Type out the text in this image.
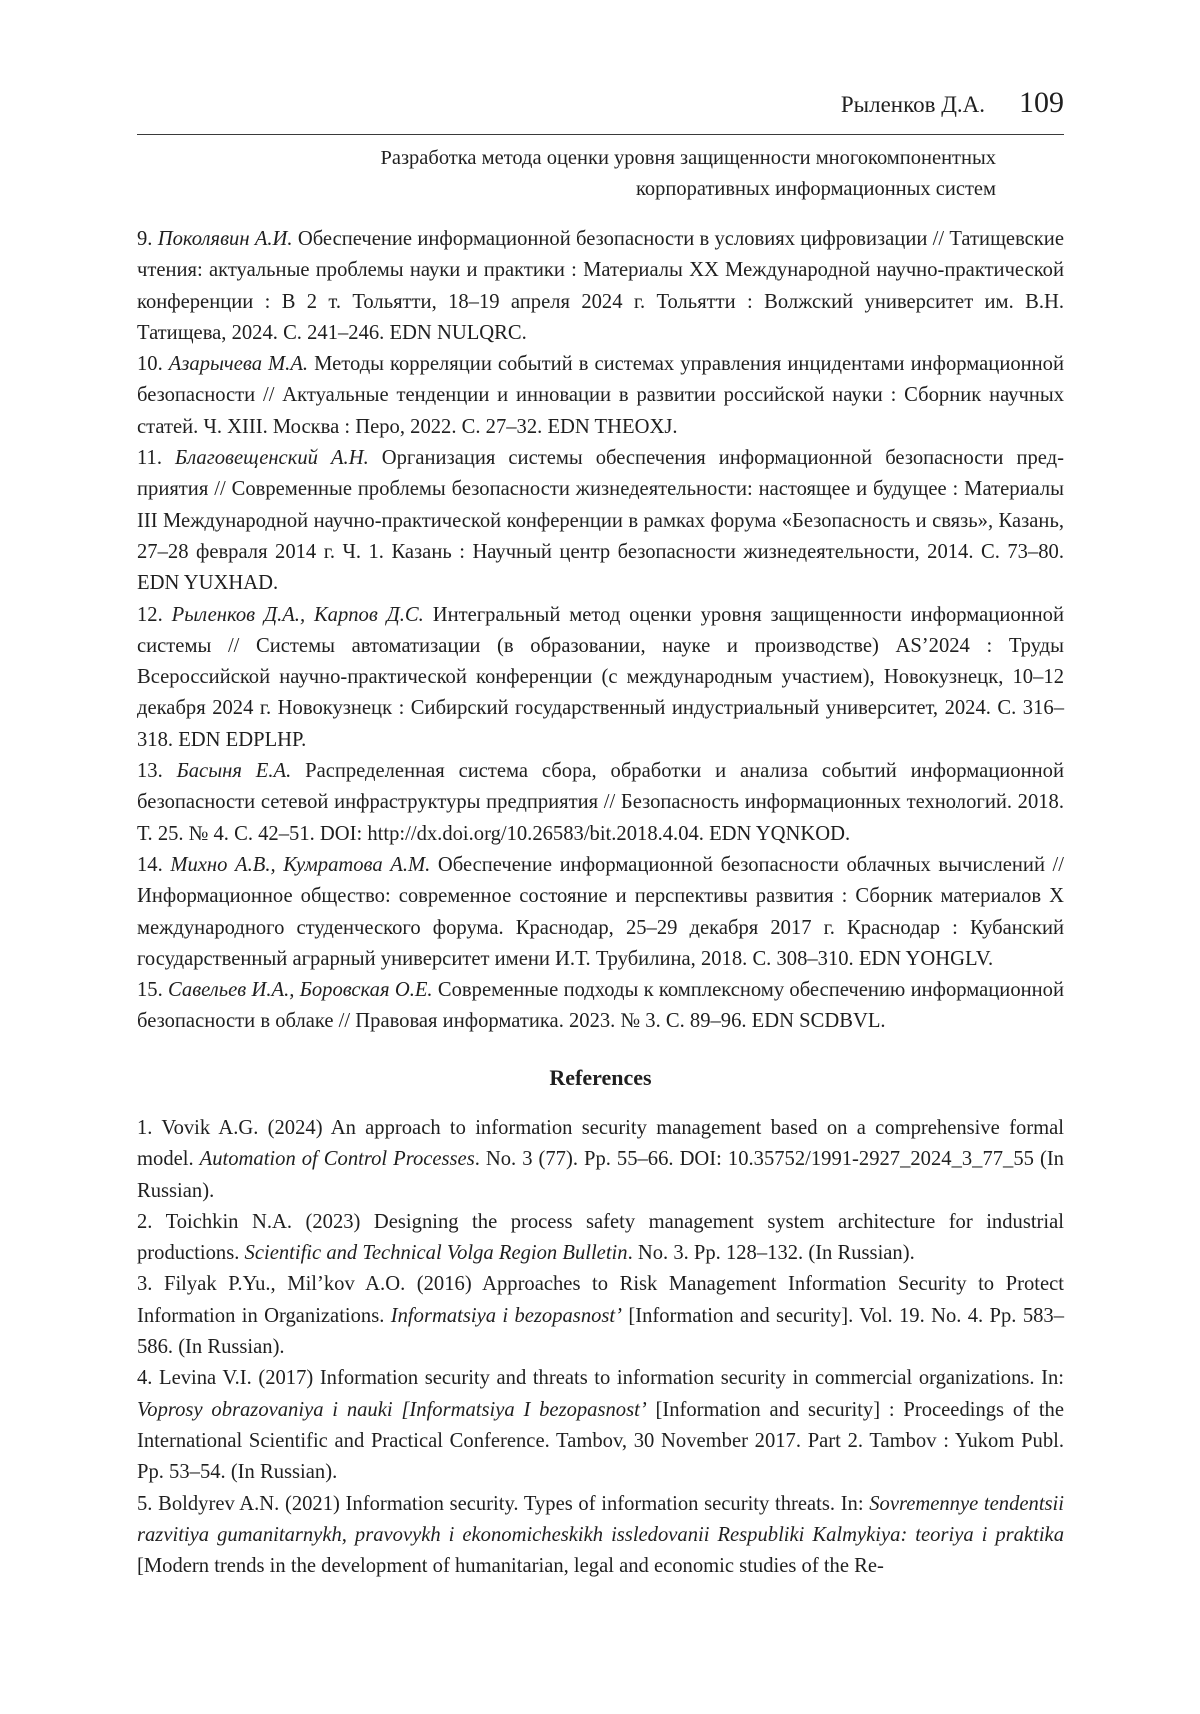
Рыленков Д.А. 109
Разработка метода оценки уровня защищенности многокомпонентных
корпоративных информационных систем

9. Поколявин А.И. Обеспечение информационной безопасности в условиях цифровизации // Татищевские чтения: актуальные проблемы науки и практики : Материалы XX Международной научно-практической конференции : В 2 т. Тольятти, 18–19 апреля 2024 г. Тольятти : Волжский университет им. В.Н. Татищева, 2024. С. 241–246. EDN NULQRC.

10. Азарычева М.А. Методы корреляции событий в системах управления инцидентами информационной безопасности // Актуальные тенденции и инновации в развитии российской науки : Сборник научных статей. Ч. XIII. Москва : Перо, 2022. С. 27–32. EDN THEOXJ.

11. Благовещенский А.Н. Организация системы обеспечения информационной безопасности предприятия // Современные проблемы безопасности жизнедеятельности: настоящее и будущее : Материалы III Международной научно-практической конференции в рамках форума «Безопасность и связь», Казань, 27–28 февраля 2014 г. Ч. 1. Казань : Научный центр безопасности жизнедеятельности, 2014. С. 73–80. EDN YUXHAD.

12. Рыленков Д.А., Карпов Д.С. Интегральный метод оценки уровня защищенности информационной системы // Системы автоматизации (в образовании, науке и производстве) AS’2024 : Труды Всероссийской научно-практической конференции (с международным участием), Новокузнецк, 10–12 декабря 2024 г. Новокузнецк : Сибирский государственный индустриальный университет, 2024. С. 316–318. EDN EDPLHP.

13. Басыня Е.А. Распределенная система сбора, обработки и анализа событий информационной безопасности сетевой инфраструктуры предприятия // Безопасность информационных технологий. 2018. Т. 25. № 4. С. 42–51. DOI: http://dx.doi.org/10.26583/bit.2018.4.04. EDN YQNKOD.

14. Михно А.В., Кумратова А.М. Обеспечение информационной безопасности облачных вычислений // Информационное общество: современное состояние и перспективы развития : Сборник материалов X международного студенческого форума. Краснодар, 25–29 декабря 2017 г. Краснодар : Кубанский государственный аграрный университет имени И.Т. Трубилина, 2018. С. 308–310. EDN YOHGLV.

15. Савельев И.А., Боровская О.Е. Современные подходы к комплексному обеспечению информационной безопасности в облаке // Правовая информатика. 2023. № 3. С. 89–96. EDN SCDBVL.

References

1. Vovik A.G. (2024) An approach to information security management based on a comprehensive formal model. Automation of Control Processes. No. 3 (77). Pp. 55–66. DOI: 10.35752/1991-2927_2024_3_77_55 (In Russian).

2. Toichkin N.A. (2023) Designing the process safety management system architecture for industrial productions. Scientific and Technical Volga Region Bulletin. No. 3. Pp. 128–132. (In Russian).

3. Filyak P.Yu., Mil’kov A.O. (2016) Approaches to Risk Management Information Security to Protect Information in Organizations. Informatsiya i bezopasnost’ [Information and security]. Vol. 19. No. 4. Pp. 583–586. (In Russian).

4. Levina V.I. (2017) Information security and threats to information security in commercial organizations. In: Voprosy obrazovaniya i nauki [Informatsiya I bezopasnost’ [Information and security] : Proceedings of the International Scientific and Practical Conference. Tambov, 30 November 2017. Part 2. Tambov : Yukom Publ. Pp. 53–54. (In Russian).

5. Boldyrev A.N. (2021) Information security. Types of information security threats. In: Sovremennye tendentsii razvitiya gumanitarnykh, pravovykh i ekonomicheskikh issledovanii Respubliki Kalmykiya: teoriya i praktika [Modern trends in the development of humanitarian, legal and economic studies of the Re-
